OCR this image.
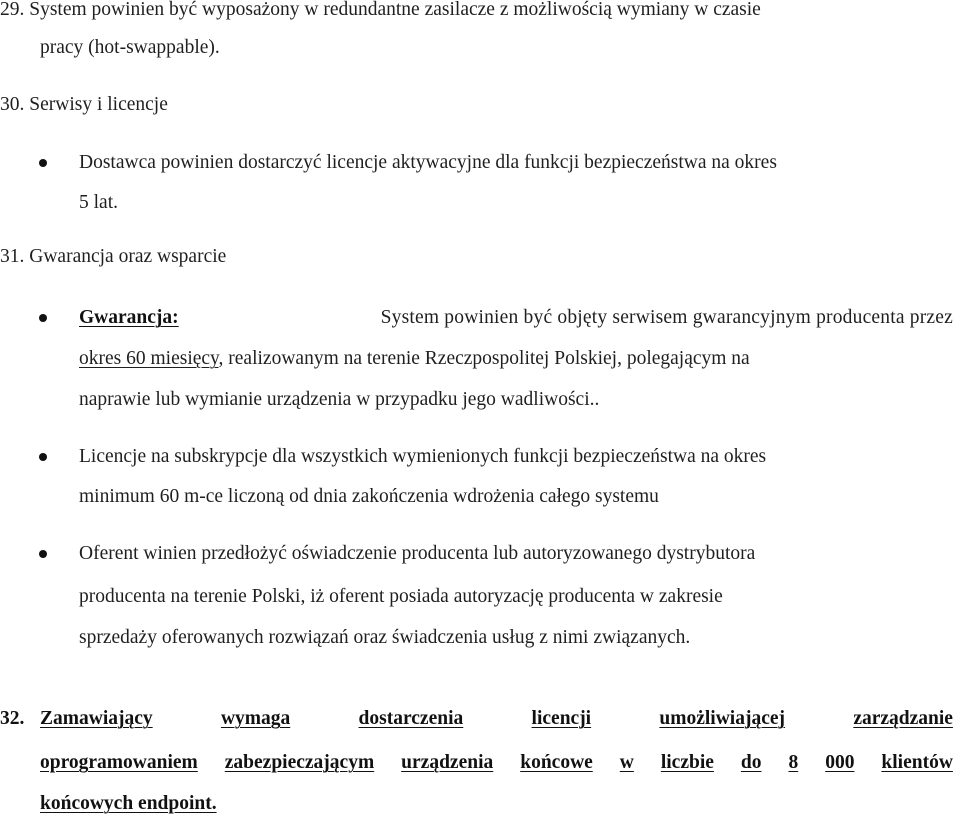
29. System powinien być wyposażony w redundantne zasilacze z możliwością wymiany w czasie
pracy (hot-swappable).
30. Serwisy i licencje
Dostawca powinien dostarczyć licencje aktywacyjne dla funkcji bezpieczeństwa na okres
5 lat.
31. Gwarancja oraz wsparcie
Gwarancja:	System powinien być objęty serwisem gwarancyjnym producenta przez
okres 60 miesięcy, realizowanym na terenie Rzeczpospolitej Polskiej, polegającym na
naprawie lub wymianie urządzenia w przypadku jego wadliwości..
Licencje na subskrypcje dla wszystkich wymienionych funkcji bezpieczeństwa na okres
minimum 60 m-ce liczoną od dnia zakończenia wdrożenia całego systemu
Oferent winien przedłożyć oświadczenie producenta lub autoryzowanego dystrybutora
producenta na terenie Polski, iż oferent posiada autoryzację producenta w zakresie
sprzedaży oferowanych rozwiązań oraz świadczenia usług z nimi związanych.
32. Zamawiający	wymaga	dostarczenia	licencji	umożliwiającej	zarządzanie
oprogramowaniem zabezpieczającym urządzenia końcowe w liczbie do 8 000 klientów
końcowych endpoint.
